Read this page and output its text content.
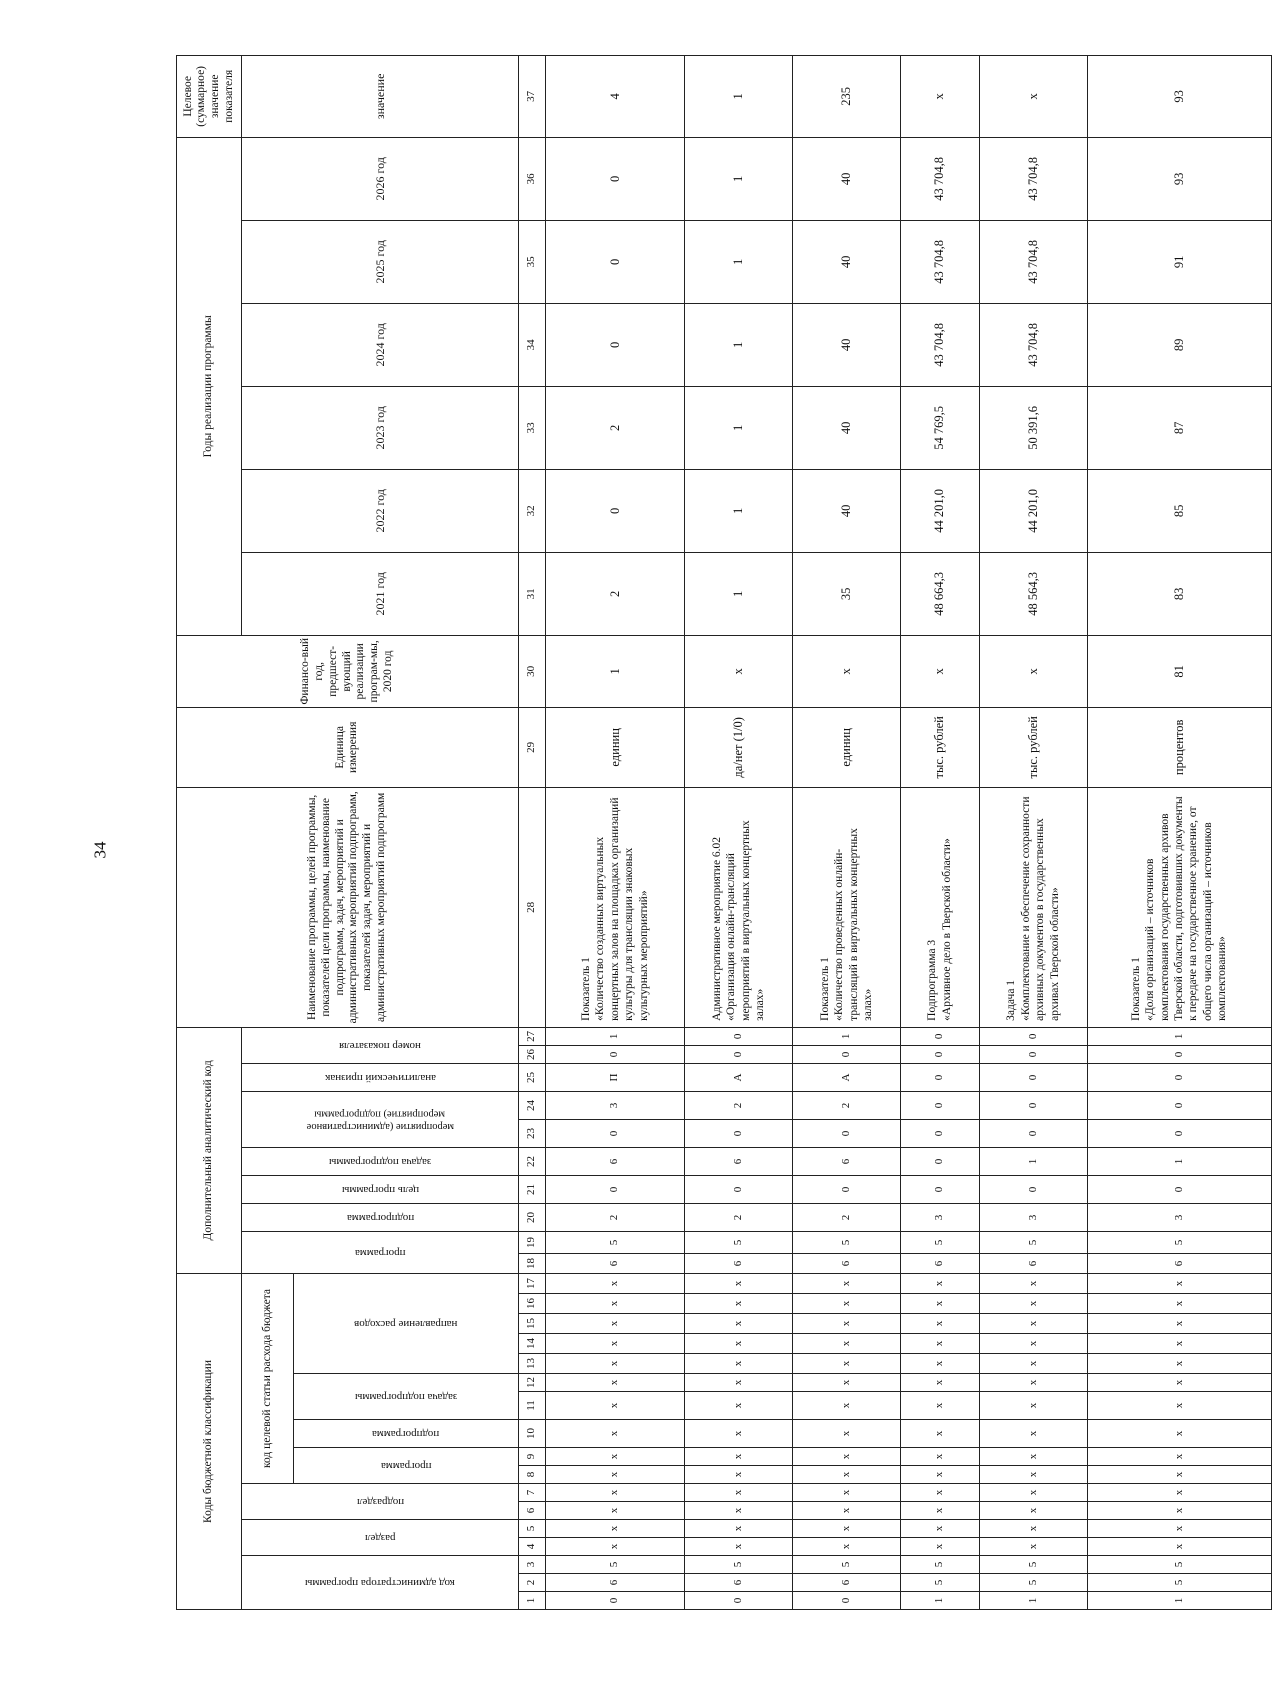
34
Коды бюджетной классификации																	Дополнительный аналитический код										Наименование программы, целей программы, показателей цели программы, наименование подпрограмм, задач, мероприятий и административных мероприятий подпрограмм, показателей задач, мероприятий и административных мероприятий подпрограмм	Единица измерения	Финансо-вый год, предшест-вующий реализации програм-мы, 2020 год	Годы реализации программы						Целевое (суммарное) значение показателя

код администратора программы			раздел		подраздел		код целевой статьи расхода бюджета										программа		подпрограмма	цель программы	задача подпрограммы	мероприятие (административное мероприятие) подпрограммы		аналитический признак	номер показателя					2021 год	2022 год	2023 год	2024 год	2025 год	2026 год	значение

							программа		подпрограмма	задача подпрограммы		направление расходов																								

1	2	3	4	5	6	7	8	9	10	11	12	13	14	15	16	17	18	19	20	21	22	23	24	25	26	27	28	29	30	31	32	33	34	35	36	37
0	6	5	х	х	х	х	х	х	х	х	х	х	х	х	х	х	6	5	2	0	6	0	3	П	0	1	Показатель 1
«Количество созданных виртуальных концертных залов на площадках организаций культуры для трансляции знаковых культурных мероприятий»	единиц	1	2	0	2	0	0	0	4
0	6	5	х	х	х	х	х	х	х	х	х	х	х	х	х	х	6	5	2	0	6	0	2	А	0	0	Административное мероприятие 6.02
«Организация онлайн-трансляций мероприятий в виртуальных концертных залах»	да/нет (1/0)	х	1	1	1	1	1	1	1
0	6	5	х	х	х	х	х	х	х	х	х	х	х	х	х	х	6	5	2	0	6	0	2	А	0	1	Показатель 1
«Количество проведенных онлайн-трансляций в виртуальных концертных залах»	единиц	х	35	40	40	40	40	40	235
1	5	5	х	х	х	х	х	х	х	х	х	х	х	х	х	х	6	5	3	0	0	0	0	0	0	0	Подпрограмма 3
«Архивное дело в Тверской области»	тыс. рублей	х	48 664,3	44 201,0	54 769,5	43 704,8	43 704,8	43 704,8	х
1	5	5	х	х	х	х	х	х	х	х	х	х	х	х	х	х	6	5	3	0	1	0	0	0	0	0	Задача 1
«Комплектование и обеспечение сохранности архивных документов в государственных архивах Тверской области»	тыс. рублей	х	48 564,3	44 201,0	50 391,6	43 704,8	43 704,8	43 704,8	х
1	5	5	х	х	х	х	х	х	х	х	х	х	х	х	х	х	6	5	3	0	1	0	0	0	0	1	Показатель 1
«Доля организаций – источников комплектования государственных архивов Тверской области, подготовивших документы к передаче на государственное хранение, от общего числа организаций – источников комплектования»	процентов	81	83	85	87	89	91	93	93
